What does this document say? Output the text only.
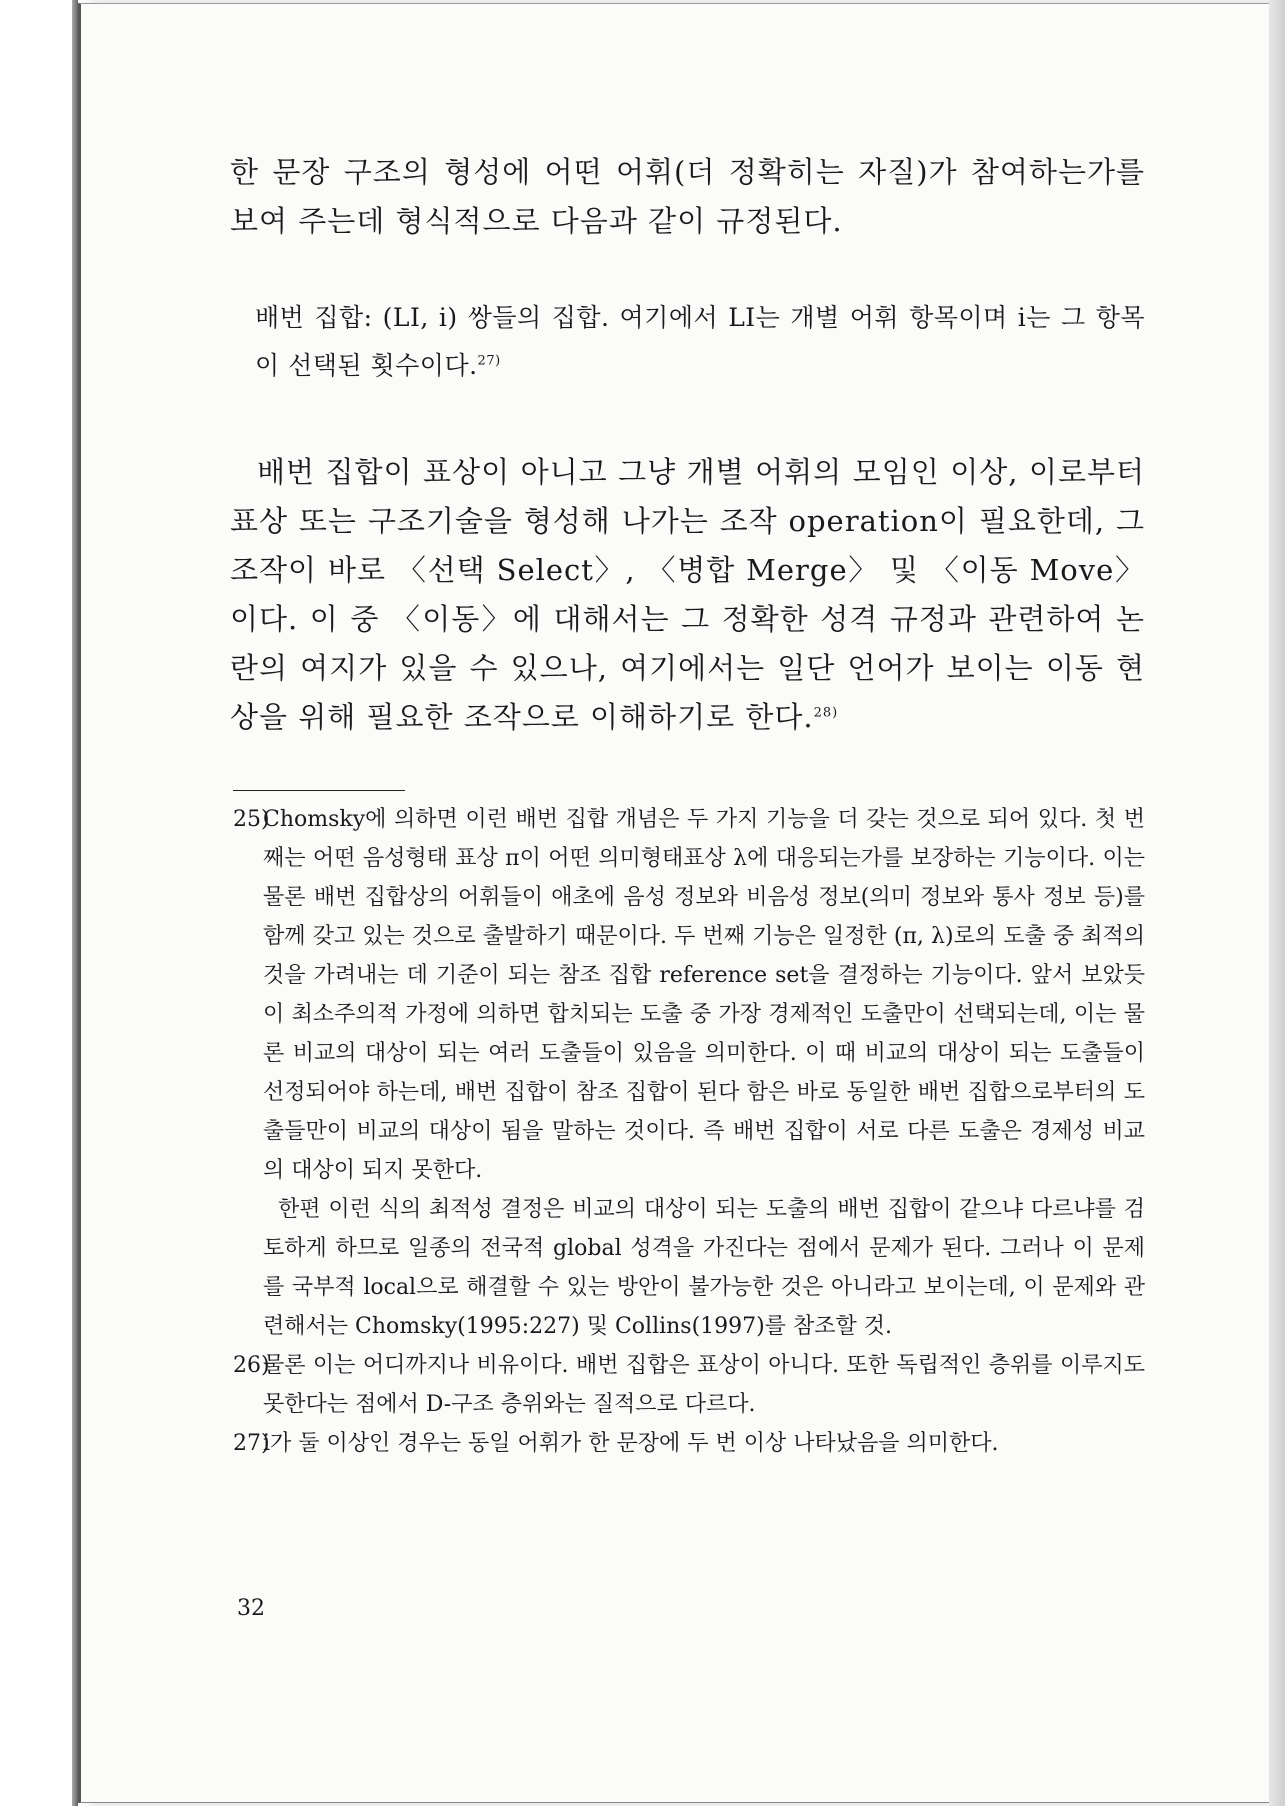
한 문장 구조의 형성에 어떤 어휘(더 정확히는 자질)가 참여하는가를 보여 주는데 형식적으로 다음과 같이 규정된다.

배번 집합: (LI, i) 쌍들의 집합. 여기에서 LI는 개별 어휘 항목이며 i는 그 항목이 선택된 횟수이다.$^{27)}$

배번 집합이 표상이 아니고 그냥 개별 어휘의 모임인 이상, 이로부터 표상 또는 구조기술을 형성해 나가는 조작 operation이 필요한데, 그 조작이 바로 〈선택 Select〉, 〈병합 Merge〉 및 〈이동 Move〉이다. 이 중 〈이동〉에 대해서는 그 정확한 성격 규정과 관련하여 논란의 여지가 있을 수 있으나, 여기에서는 일단 언어가 보이는 이동 현상을 위해 필요한 조작으로 이해하기로 한다.$^{28)}$

25)
Chomsky에 의하면 이런 배번 집합 개념은 두 가지 기능을 더 갖는 것으로 되어 있다. 첫 번째는 어떤 음성형태 표상 π이 어떤 의미형태표상 λ에 대응되는가를 보장하는 기능이다. 이는 물론 배번 집합상의 어휘들이 애초에 음성 정보와 비음성 정보(의미 정보와 통사 정보 등)를 함께 갖고 있는 것으로 출발하기 때문이다. 두 번째 기능은 일정한 (π, λ)로의 도출 중 최적의 것을 가려내는 데 기준이 되는 참조 집합 reference set을 결정하는 기능이다. 앞서 보았듯이 최소주의적 가정에 의하면 합치되는 도출 중 가장 경제적인 도출만이 선택되는데, 이는 물론 비교의 대상이 되는 여러 도출들이 있음을 의미한다. 이 때 비교의 대상이 되는 도출들이 선정되어야 하는데, 배번 집합이 참조 집합이 된다 함은 바로 동일한 배번 집합으로부터의 도출들만이 비교의 대상이 됨을 말하는 것이다. 즉 배번 집합이 서로 다른 도출은 경제성 비교의 대상이 되지 못한다.
한편 이런 식의 최적성 결정은 비교의 대상이 되는 도출의 배번 집합이 같으냐 다르냐를 검토하게 하므로 일종의 전국적 global 성격을 가진다는 점에서 문제가 된다. 그러나 이 문제를 국부적 local으로 해결할 수 있는 방안이 불가능한 것은 아니라고 보이는데, 이 문제와 관련해서는 Chomsky(1995:227) 및 Collins(1997)를 참조할 것.
26)
물론 이는 어디까지나 비유이다. 배번 집합은 표상이 아니다. 또한 독립적인 층위를 이루지도 못한다는 점에서 D-구조 층위와는 질적으로 다르다.
27)
i가 둘 이상인 경우는 동일 어휘가 한 문장에 두 번 이상 나타났음을 의미한다.
32
